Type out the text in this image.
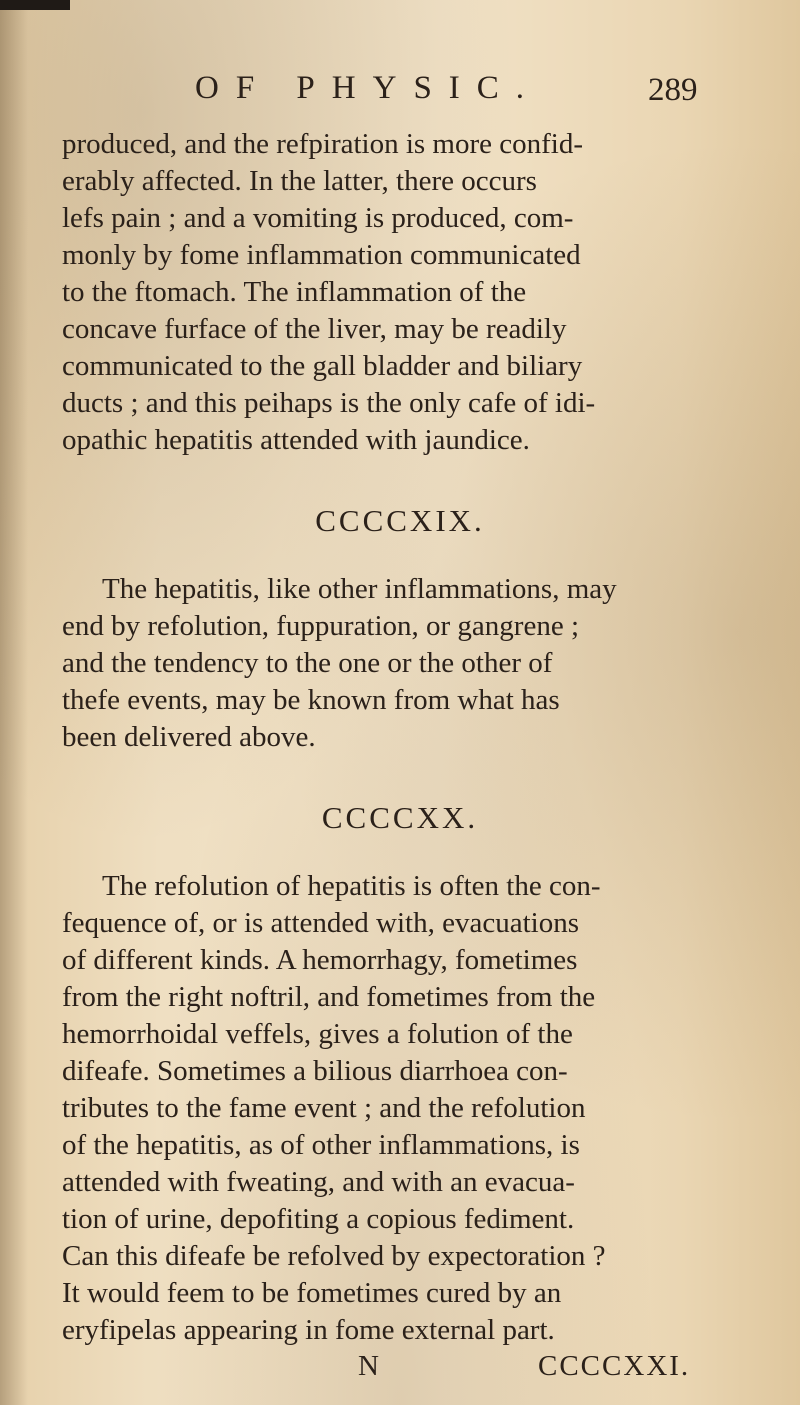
OF PHYSIC.	289
produced, and the refpiration is more confid-
erably affected. In the latter, there occurs
lefs pain ; and a vomiting is produced, com-
monly by fome inflammation communicated
to the ftomach. The inflammation of the
concave furface of the liver, may be readily
communicated to the gall bladder and biliary
ducts ; and this peihaps is the only cafe of idi-
opathic hepatitis attended with jaundice.
CCCCXIX.
The hepatitis, like other inflammations, may
end by refolution, fuppuration, or gangrene ;
and the tendency to the one or the other of
thefe events, may be known from what has
been delivered above.
CCCCXX.
The refolution of hepatitis is often the con-
fequence of, or is attended with, evacuations
of different kinds. A hemorrhagy, fometimes
from the right noftril, and fometimes from the
hemorrhoidal veffels, gives a folution of the
difeafe. Sometimes a bilious diarrhoea con-
tributes to the fame event ; and the refolution
of the hepatitis, as of other inflammations, is
attended with fweating, and with an evacua-
tion of urine, depofiting a copious fediment.
Can this difeafe be refolved by expectoration ?
It would feem to be fometimes cured by an
eryfipelas appearing in fome external part.
N	CCCCXXI.
